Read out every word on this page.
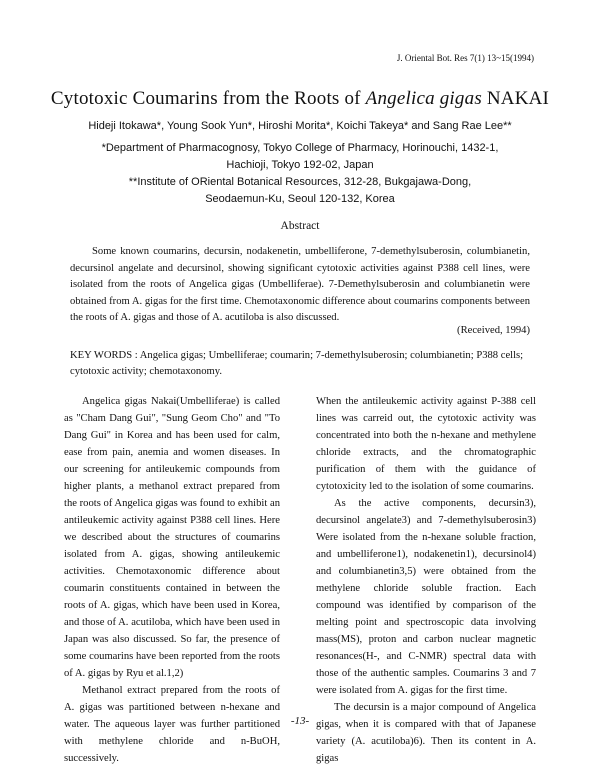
J. Oriental Bot. Res 7(1) 13~15(1994)
Cytotoxic Coumarins from the Roots of Angelica gigas NAKAI
Hideji Itokawa*, Young Sook Yun*, Hiroshi Morita*, Koichi Takeya* and Sang Rae Lee**
*Department of Pharmacognosy, Tokyo College of Pharmacy, Horinouchi, 1432-1,
Hachioji, Tokyo 192-02, Japan
**Institute of ORiental Botanical Resources, 312-28, Bukgajawa-Dong,
Seodaemun-Ku, Seoul 120-132, Korea
Abstract
Some known coumarins, decursin, nodakenetin, umbelliferone, 7-demethylsuberosin, columbianetin, decursinol angelate and decursinol, showing significant cytotoxic activities against P388 cell lines, were isolated from the roots of Angelica gigas (Umbelliferae). 7-Demethylsuberosin and columbianetin were obtained from A. gigas for the first time. Chemotaxonomic difference about coumarins components between the roots of A. gigas and those of A. acutiloba is also discussed.
(Received, 1994)
KEY WORDS : Angelica gigas; Umbelliferae; coumarin; 7-demethylsuberosin; columbianetin; P388 cells; cytotoxic activity; chemotaxonomy.

Angelica gigas Nakai(Umbelliferae) is called as "Cham Dang Gui", "Sung Geom Cho" and "To Dang Gui" in Korea and has been used for calm, ease from pain, anemia and women diseases. In our screening for antileukemic compounds from higher plants, a methanol extract prepared from the roots of Angelica gigas was found to exhibit an antileukemic activity against P388 cell lines. Here we described about the structures of coumarins isolated from A. gigas, showing antileukemic activities. Chemotaxonomic difference about coumarin constituents contained in between the roots of A. gigas, which have been used in Korea, and those of A. acutiloba, which have been used in Japan was also discussed. So far, the presence of some coumarins have been reported from the roots of A. gigas by Ryu et al.1,2)

Methanol extract prepared from the roots of A. gigas was partitioned between n-hexane and water. The aqueous layer was further partitioned with methylene chloride and n-BuOH, successively.

When the antileukemic activity against P-388 cell lines was carreid out, the cytotoxic activity was concentrated into both the n-hexane and methylene chloride extracts, and the chromatographic purification of them with the guidance of cytotoxicity led to the isolation of some coumarins.

As the active components, decursin3), decursinol angelate3) and 7-demethylsuberosin3) Were isolated from the n-hexane soluble fraction, and umbelliferone1), nodakenetin1), decursinol4) and columbianetin3,5) were obtained from the methylene chloride soluble fraction. Each compound was identified by comparison of the melting point and spectroscopic data involving mass(MS), proton and carbon nuclear magnetic resonances(H-, and C-NMR) spectral data with those of the authentic samples. Coumarins 3 and 7 were isolated from A. gigas for the first time.

The decursin is a major compound of Angelica gigas, when it is compared with that of Japanese variety (A. acutiloba)6). Then its content in A. gigas

-13-
